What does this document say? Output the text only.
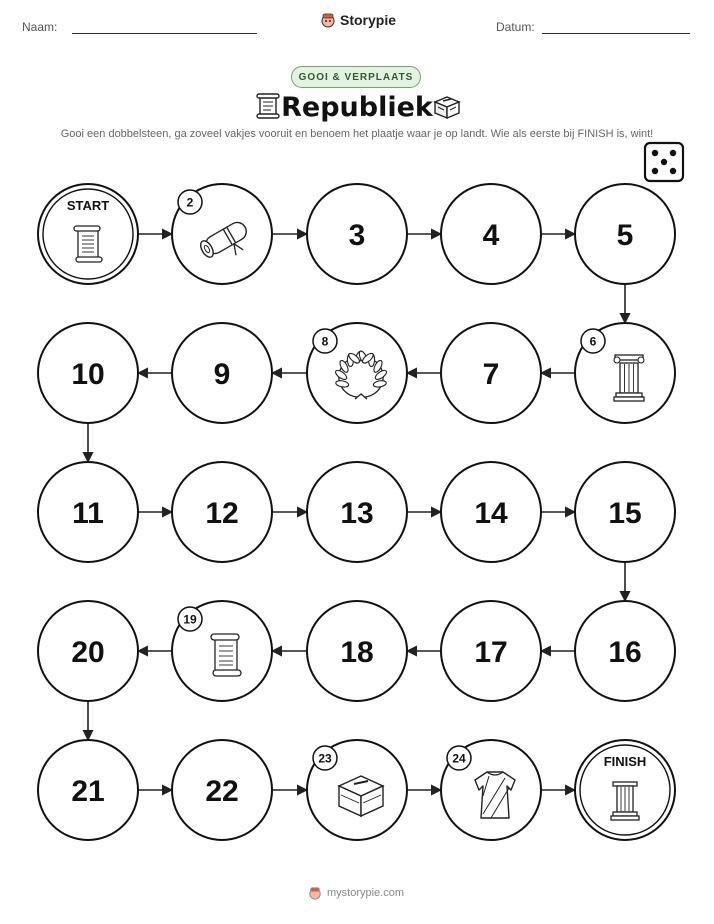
Naam:	Storypie	Datum:
GOOI & VERPLAATS
Republiek
Gooi een dobbelsteen, ga zoveel vakjes vooruit en benoem het plaatje waar je op landt. Wie als eerste bij FINISH is, wint!
START	2
3	4	5
6
7
8
9
10
11	12	13	14	15
16
17
18
19
20
21	22
23	24	FINISH
mystorypie.com
